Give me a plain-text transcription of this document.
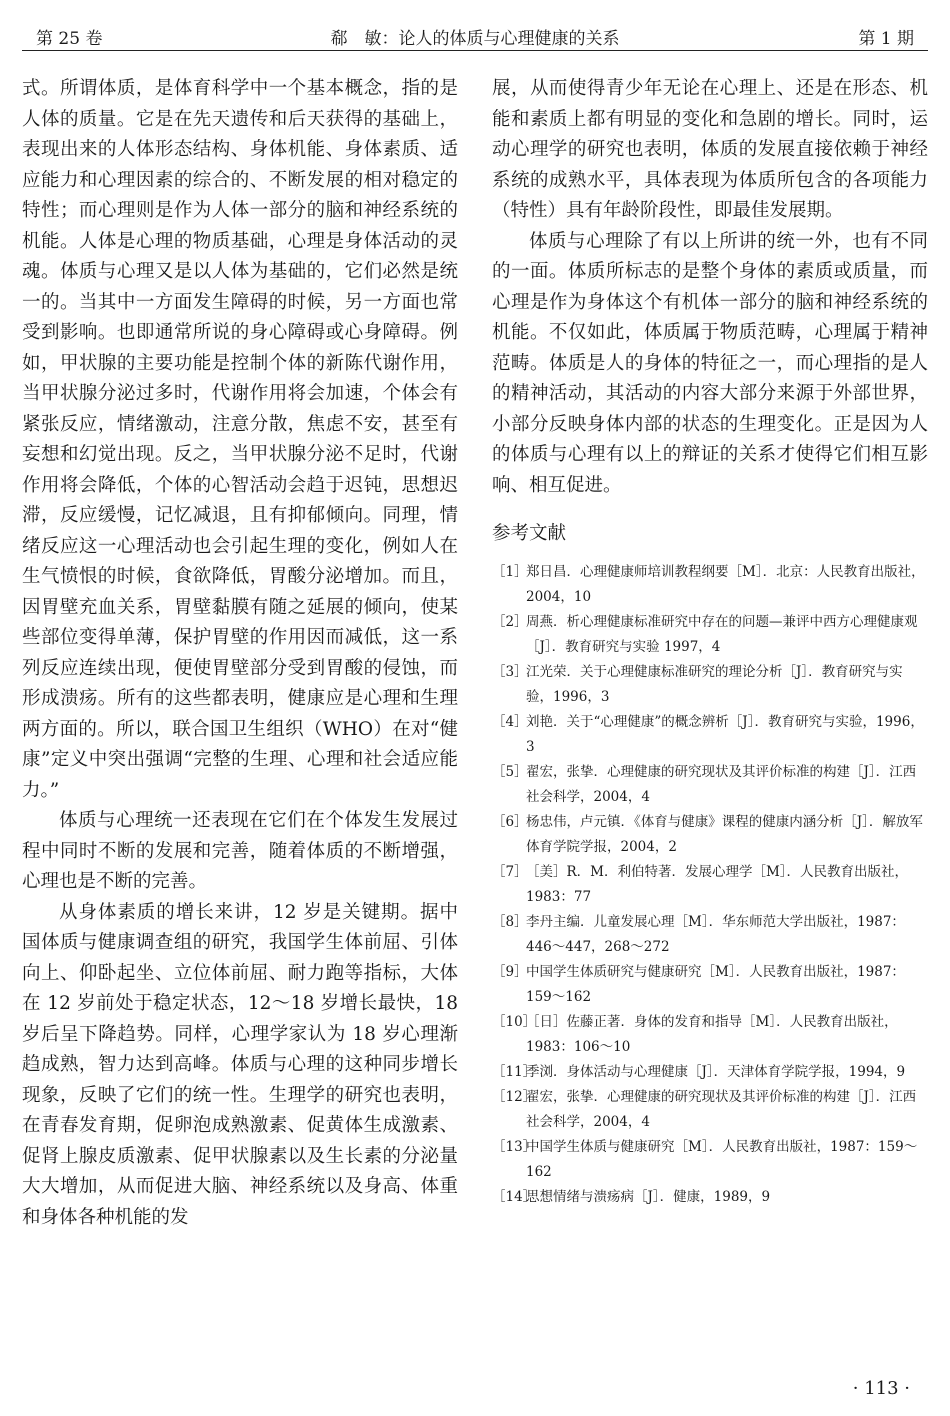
第 25 卷	郗　敏：论人的体质与心理健康的关系	第 1 期

式。所谓体质，是体育科学中一个基本概念，指的是人体的质量。它是在先天遗传和后天获得的基础上，表现出来的人体形态结构、身体机能、身体素质、适应能力和心理因素的综合的、不断发展的相对稳定的特性；而心理则是作为人体一部分的脑和神经系统的机能。人体是心理的物质基础，心理是身体活动的灵魂。体质与心理又是以人体为基础的，它们必然是统一的。当其中一方面发生障碍的时候，另一方面也常受到影响。也即通常所说的身心障碍或心身障碍。例如，甲状腺的主要功能是控制个体的新陈代谢作用，当甲状腺分泌过多时，代谢作用将会加速，个体会有紧张反应，情绪激动，注意分散，焦虑不安，甚至有妄想和幻觉出现。反之，当甲状腺分泌不足时，代谢作用将会降低，个体的心智活动会趋于迟钝，思想迟滞，反应缓慢，记忆减退，且有抑郁倾向。同理，情绪反应这一心理活动也会引起生理的变化，例如人在生气愤恨的时候，食欲降低，胃酸分泌增加。而且，因胃壁充血关系，胃壁黏膜有随之延展的倾向，使某些部位变得单薄，保护胃壁的作用因而减低，这一系列反应连续出现，便使胃壁部分受到胃酸的侵蚀，而形成溃疡。所有的这些都表明，健康应是心理和生理两方面的。所以，联合国卫生组织（WHO）在对“健康”定义中突出强调“完整的生理、心理和社会适应能力。”

体质与心理统一还表现在它们在个体发生发展过程中同时不断的发展和完善，随着体质的不断增强，心理也是不断的完善。

从身体素质的增长来讲，12 岁是关键期。据中国体质与健康调查组的研究，我国学生体前屈、引体向上、仰卧起坐、立位体前屈、耐力跑等指标，大体在 12 岁前处于稳定状态，12～18 岁增长最快，18 岁后呈下降趋势。同样，心理学家认为 18 岁心理渐趋成熟，智力达到高峰。体质与心理的这种同步增长现象，反映了它们的统一性。生理学的研究也表明，在青春发育期，促卵泡成熟激素、促黄体生成激素、促肾上腺皮质激素、促甲状腺素以及生长素的分泌量大大增加，从而促进大脑、神经系统以及身高、体重和身体各种机能的发

展，从而使得青少年无论在心理上、还是在形态、机能和素质上都有明显的变化和急剧的增长。同时，运动心理学的研究也表明，体质的发展直接依赖于神经系统的成熟水平，具体表现为体质所包含的各项能力（特性）具有年龄阶段性，即最佳发展期。

体质与心理除了有以上所讲的统一外，也有不同的一面。体质所标志的是整个身体的素质或质量，而心理是作为身体这个有机体一部分的脑和神经系统的机能。不仅如此，体质属于物质范畴，心理属于精神范畴。体质是人的身体的特征之一，而心理指的是人的精神活动，其活动的内容大部分来源于外部世界，小部分反映身体内部的状态的生理变化。正是因为人的体质与心理有以上的辩证的关系才使得它们相互影响、相互促进。

参考文献
［1］
郑日昌．心理健康师培训教程纲要［M］．北京：人民教育出版社，2004，10
［2］
周燕．析心理健康标准研究中存在的问题—兼评中西方心理健康观［J］．教育研究与实验 1997，4
［3］
江光荣．关于心理健康标准研究的理论分析［J］．教育研究与实验，1996，3
［4］
刘艳．关于“心理健康”的概念辨析［J］．教育研究与实验，1996，3
［5］
翟宏，张挚．心理健康的研究现状及其评价标准的构建［J］．江西社会科学，2004，4
［6］
杨忠伟，卢元镇．《体育与健康》课程的健康内涵分析［J］．解放军体育学院学报，2004，2
［7］
［美］R．M．利伯特著．发展心理学［M］．人民教育出版社，1983：77
［8］
李丹主编．儿童发展心理［M］．华东师范大学出版社，1987：446～447，268～272
［9］
中国学生体质研究与健康研究［M］．人民教育出版社，1987：159～162
［10］
［日］佐藤正著．身体的发育和指导［M］．人民教育出版社，1983：106～10
［11］
季浏．身体活动与心理健康［J］．天津体育学院学报，1994，9
［12］
翟宏，张挚．心理健康的研究现状及其评价标准的构建［J］．江西社会科学，2004，4
［13］
中国学生体质与健康研究［M］．人民教育出版社，1987：159～162
［14］
思想情绪与溃疡病［J］．健康，1989，9
· 113 ·
